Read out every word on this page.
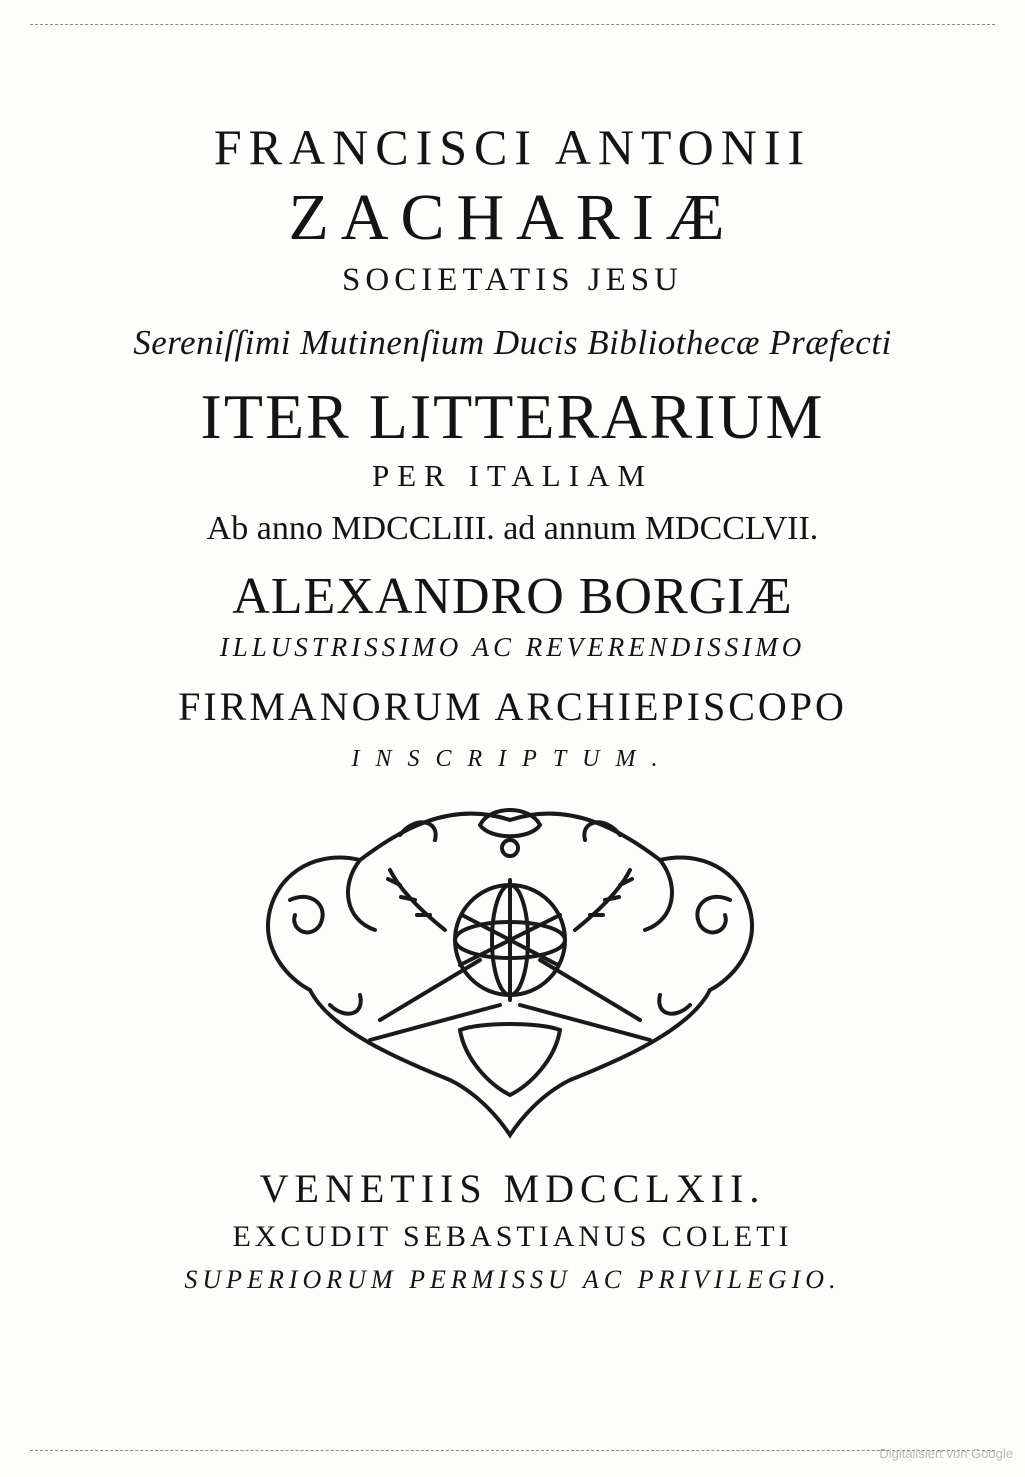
FRANCISCI ANTONII
ZACHARIÆ
SOCIETATIS JESU
Sereniſſimi Mutinenſium Ducis Bibliothecæ Præfecti
ITER LITTERARIUM
PER ITALIAM
Ab anno MDCCLIII. ad annum MDCCLVII.
ALEXANDRO BORGIÆ
ILLUSTRISSIMO AC REVERENDISSIMO
FIRMANORUM ARCHIEPISCOPO
INSCRIPTUM.
VENETIIS MDCCLXII.
EXCUDIT SEBASTIANUS COLETI
SUPERIORUM PERMISSU AC PRIVILEGIO.
Digitalisiert von Google
